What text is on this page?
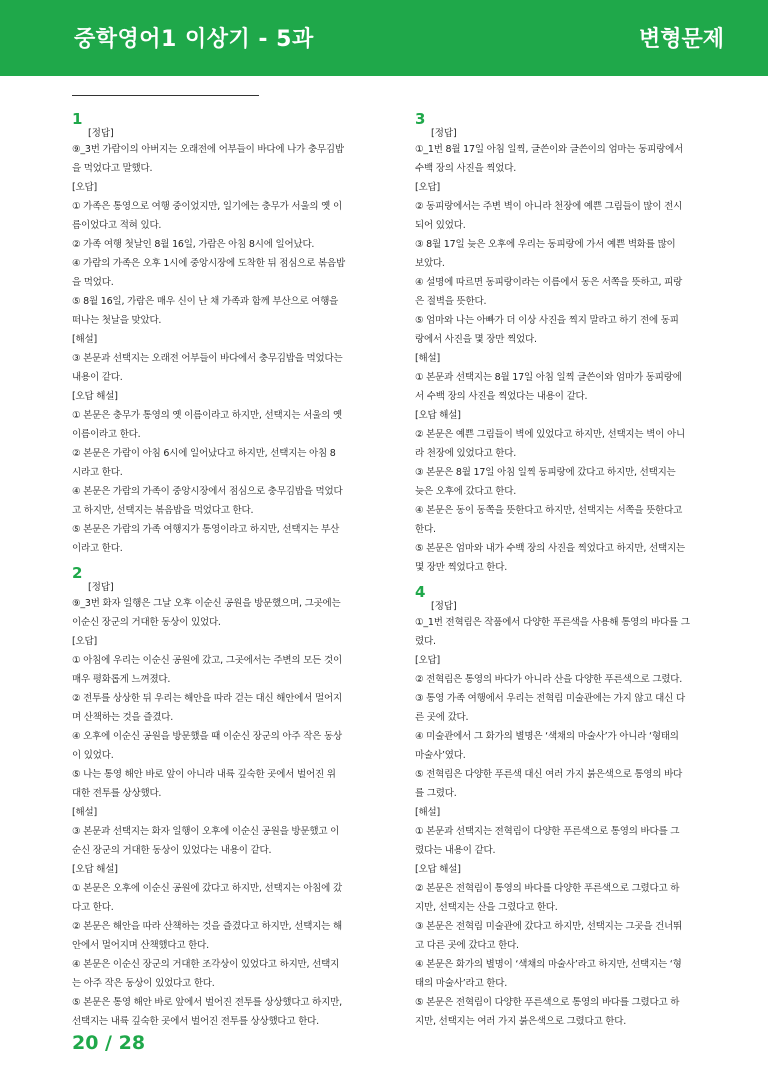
중학영어1 이상기 - 5과	변형문제
1
[정답]
⑨_3번 가람이의 아버지는 오래전에 어부들이 바다에 나가 충무김밥
을 먹었다고 말했다.
[오답]
① 가족은 통영으로 여행 중이었지만, 일기에는 충무가 서울의 옛 이
름이었다고 적혀 있다.
② 가족 여행 첫날인 8월 16일, 가람은 아침 8시에 일어났다.
④ 가람의 가족은 오후 1시에 중앙시장에 도착한 뒤 점심으로 볶음밥
을 먹었다.
⑤ 8월 16일, 가람은 매우 신이 난 채 가족과 함께 부산으로 여행을
떠나는 첫날을 맞았다.
[해설]
③ 본문과 선택지는 오래전 어부들이 바다에서 충무김밥을 먹었다는
내용이 같다.
[오답 해설]
① 본문은 충무가 통영의 옛 이름이라고 하지만, 선택지는 서울의 옛
이름이라고 한다.
② 본문은 가람이 아침 6시에 일어났다고 하지만, 선택지는 아침 8
시라고 한다.
④ 본문은 가람의 가족이 중앙시장에서 점심으로 충무김밥을 먹었다
고 하지만, 선택지는 볶음밥을 먹었다고 한다.
⑤ 본문은 가람의 가족 여행지가 통영이라고 하지만, 선택지는 부산
이라고 한다.
2
[정답]
⑨_3번 화자 일행은 그날 오후 이순신 공원을 방문했으며, 그곳에는
이순신 장군의 거대한 동상이 있었다.
[오답]
① 아침에 우리는 이순신 공원에 갔고, 그곳에서는 주변의 모든 것이
매우 평화롭게 느껴졌다.
② 전투를 상상한 뒤 우리는 해안을 따라 걷는 대신 해안에서 멀어지
며 산책하는 것을 즐겼다.
④ 오후에 이순신 공원을 방문했을 때 이순신 장군의 아주 작은 동상
이 있었다.
⑤ 나는 통영 해안 바로 앞이 아니라 내륙 깊숙한 곳에서 벌어진 위
대한 전투를 상상했다.
[해설]
③ 본문과 선택지는 화자 일행이 오후에 이순신 공원을 방문했고 이
순신 장군의 거대한 동상이 있었다는 내용이 같다.
[오답 해설]
① 본문은 오후에 이순신 공원에 갔다고 하지만, 선택지는 아침에 갔
다고 한다.
② 본문은 해안을 따라 산책하는 것을 즐겼다고 하지만, 선택지는 해
안에서 멀어지며 산책했다고 한다.
④ 본문은 이순신 장군의 거대한 조각상이 있었다고 하지만, 선택지
는 아주 작은 동상이 있었다고 한다.
⑤ 본문은 통영 해안 바로 앞에서 벌어진 전투를 상상했다고 하지만,
선택지는 내륙 깊숙한 곳에서 벌어진 전투를 상상했다고 한다.
3
[정답]
①_1번 8월 17일 아침 일찍, 글쓴이와 글쓴이의 엄마는 동피랑에서
수백 장의 사진을 찍었다.
[오답]
② 동피랑에서는 주변 벽이 아니라 천장에 예쁜 그림들이 많이 전시
되어 있었다.
③ 8월 17일 늦은 오후에 우리는 동피랑에 가서 예쁜 벽화를 많이
보았다.
④ 설명에 따르면 동피랑이라는 이름에서 동은 서쪽을 뜻하고, 피랑
은 절벽을 뜻한다.
⑤ 엄마와 나는 아빠가 더 이상 사진을 찍지 말라고 하기 전에 동피
랑에서 사진을 몇 장만 찍었다.
[해설]
① 본문과 선택지는 8월 17일 아침 일찍 글쓴이와 엄마가 동피랑에
서 수백 장의 사진을 찍었다는 내용이 같다.
[오답 해설]
② 본문은 예쁜 그림들이 벽에 있었다고 하지만, 선택지는 벽이 아니
라 천장에 있었다고 한다.
③ 본문은 8월 17일 아침 일찍 동피랑에 갔다고 하지만, 선택지는
늦은 오후에 갔다고 한다.
④ 본문은 동이 동쪽을 뜻한다고 하지만, 선택지는 서쪽을 뜻한다고
한다.
⑤ 본문은 엄마와 내가 수백 장의 사진을 찍었다고 하지만, 선택지는
몇 장만 찍었다고 한다.
4
[정답]
①_1번 전혁림은 작품에서 다양한 푸른색을 사용해 통영의 바다를 그
렸다.
[오답]
② 전혁림은 통영의 바다가 아니라 산을 다양한 푸른색으로 그렸다.
③ 통영 가족 여행에서 우리는 전혁림 미술관에는 가지 않고 대신 다
른 곳에 갔다.
④ 미술관에서 그 화가의 별명은 ‘색채의 마술사’가 아니라 ‘형태의
마술사’였다.
⑤ 전혁림은 다양한 푸른색 대신 여러 가지 붉은색으로 통영의 바다
를 그렸다.
[해설]
① 본문과 선택지는 전혁림이 다양한 푸른색으로 통영의 바다를 그
렸다는 내용이 같다.
[오답 해설]
② 본문은 전혁림이 통영의 바다를 다양한 푸른색으로 그렸다고 하
지만, 선택지는 산을 그렸다고 한다.
③ 본문은 전혁림 미술관에 갔다고 하지만, 선택지는 그곳을 건너뛰
고 다른 곳에 갔다고 한다.
④ 본문은 화가의 별명이 ‘색채의 마술사’라고 하지만, 선택지는 ‘형
태의 마술사’라고 한다.
⑤ 본문은 전혁림이 다양한 푸른색으로 통영의 바다를 그렸다고 하
지만, 선택지는 여러 가지 붉은색으로 그렸다고 한다.
20 / 28
